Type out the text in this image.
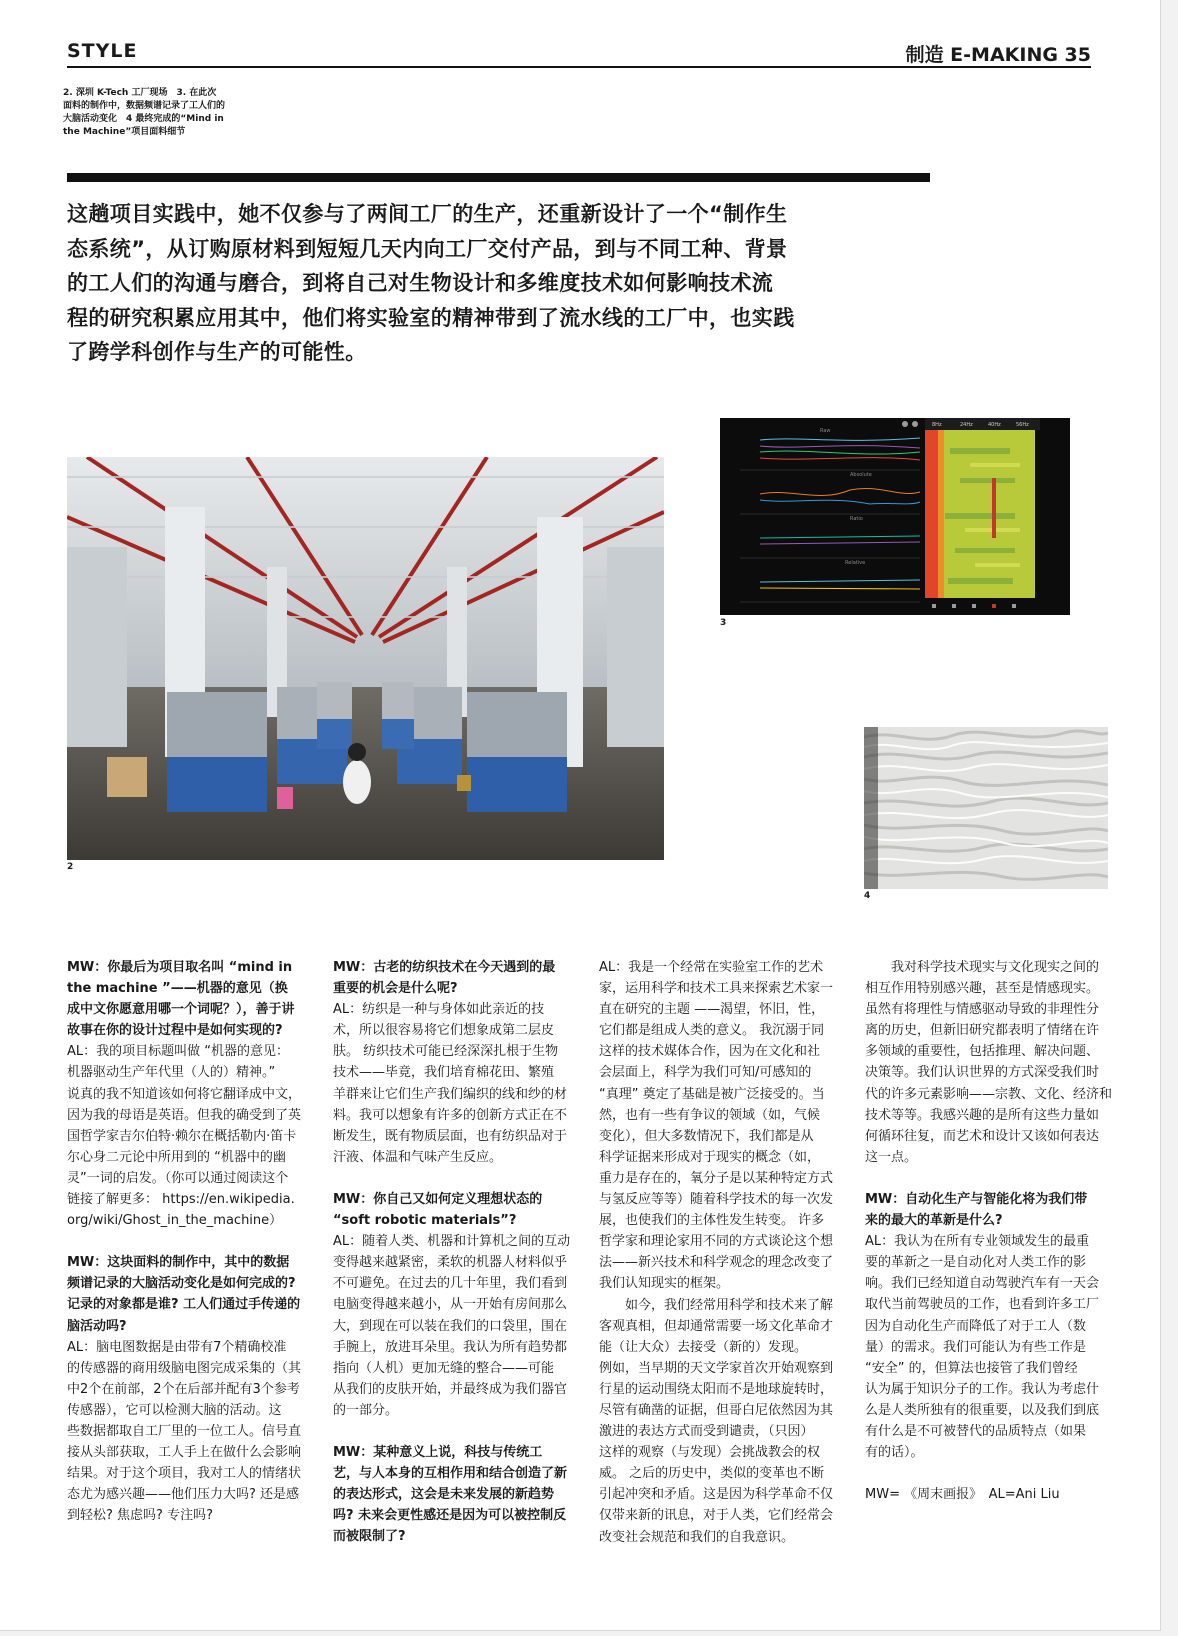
STYLE	制造 E-MAKING 35
2. 深圳 K-Tech 工厂现场　3. 在此次
面料的制作中，数据频谱记录了工人们的
大脑活动变化　4 最终完成的“Mind in
the Machine”项目面料细节
这趟项目实践中，她不仅参与了两间工厂的生产，还重新设计了一个“制作生
态系统”，从订购原材料到短短几天内向工厂交付产品，到与不同工种、背景
的工人们的沟通与磨合，到将自己对生物设计和多维度技术如何影响技术流
程的研究积累应用其中，他们将实验室的精神带到了流水线的工厂中，也实践
了跨学科创作与生产的可能性。
2
Raw
Absolute
Ratio
Relative
8Hz	24Hz	40Hz	56Hz
3
4
MW：你最后为项目取名叫 “mind in
the machine ”——机器的意见（换
成中文你愿意用哪一个词呢？），善于讲
故事在你的设计过程中是如何实现的?
AL：我的项目标题叫做 “机器的意见：
机器驱动生产年代里（人的）精神。”
说真的我不知道该如何将它翻译成中文，
因为我的母语是英语。但我的确受到了英
国哲学家吉尔伯特·赖尔在概括勒内·笛卡
尔心身二元论中所用到的 “机器中的幽
灵”一词的启发。（你可以通过阅读这个
链接了解更多： https://en.wikipedia.
org/wiki/Ghost_in_the_machine）
MW：这块面料的制作中，其中的数据
频谱记录的大脑活动变化是如何完成的?
记录的对象都是谁? 工人们通过手传递的
脑活动吗?
AL：脑电图数据是由带有7个精确校准
的传感器的商用级脑电图完成采集的（其
中2个在前部，2个在后部并配有3个参考
传感器），它可以检测大脑的活动。这
些数据都取自工厂里的一位工人。信号直
接从头部获取，工人手上在做什么会影响
结果。对于这个项目，我对工人的情绪状
态尤为感兴趣——他们压力大吗? 还是感
到轻松? 焦虑吗? 专注吗?
MW：古老的纺织技术在今天遇到的最
重要的机会是什么呢?
AL：纺织是一种与身体如此亲近的技
术，所以很容易将它们想象成第二层皮
肤。 纺织技术可能已经深深扎根于生物
技术——毕竟，我们培育棉花田、繁殖
羊群来让它们生产我们编织的线和纱的材
料。我可以想象有许多的创新方式正在不
断发生，既有物质层面，也有纺织品对于
汗液、体温和气味产生反应。
MW：你自己又如何定义理想状态的
“soft robotic materials”?
AL：随着人类、机器和计算机之间的互动
变得越来越紧密，柔软的机器人材料似乎
不可避免。在过去的几十年里，我们看到
电脑变得越来越小，从一开始有房间那么
大，到现在可以装在我们的口袋里，围在
手腕上，放进耳朵里。我认为所有趋势都
指向（人机）更加无缝的整合——可能
从我们的皮肤开始，并最终成为我们器官
的一部分。
MW：某种意义上说，科技与传统工
艺，与人本身的互相作用和结合创造了新
的表达形式，这会是未来发展的新趋势
吗? 未来会更性感还是因为可以被控制反
而被限制了?
AL：我是一个经常在实验室工作的艺术
家，运用科学和技术工具来探索艺术家一
直在研究的主题 ——渴望，怀旧，性，
它们都是组成人类的意义。 我沉溺于同
这样的技术媒体合作，因为在文化和社
会层面上，科学为我们可知/可感知的
“真理” 奠定了基础是被广泛接受的。当
然，也有一些有争议的领域（如，气候
变化），但大多数情况下，我们都是从
科学证据来形成对于现实的概念（如，
重力是存在的，氧分子是以某种特定方式
与氢反应等等）随着科学技术的每一次发
展，也使我们的主体性发生转变。 许多
哲学家和理论家用不同的方式谈论这个想
法——新兴技术和科学观念的理念改变了
我们认知现实的框架。
　　如今，我们经常用科学和技术来了解
客观真相，但却通常需要一场文化革命才
能（让大众）去接受（新的）发现。
例如，当早期的天文学家首次开始观察到
行星的运动围绕太阳而不是地球旋转时，
尽管有确凿的证据，但哥白尼依然因为其
激进的表达方式而受到谴责，（只因）
这样的观察（与发现）会挑战教会的权
威。 之后的历史中，类似的变革也不断
引起冲突和矛盾。这是因为科学革命不仅
仅带来新的讯息，对于人类，它们经常会
改变社会规范和我们的自我意识。
　　我对科学技术现实与文化现实之间的
相互作用特别感兴趣，甚至是情感现实。
虽然有将理性与情感驱动导致的非理性分
离的历史，但新旧研究都表明了情绪在许
多领域的重要性，包括推理、解决问题、
决策等。我们认识世界的方式深受我们时
代的许多元素影响——宗教、文化、经济和
技术等等。我感兴趣的是所有这些力量如
何循环往复，而艺术和设计又该如何表达
这一点。
MW：自动化生产与智能化将为我们带
来的最大的革新是什么?
AL：我认为在所有专业领域发生的最重
要的革新之一是自动化对人类工作的影
响。我们已经知道自动驾驶汽车有一天会
取代当前驾驶员的工作，也看到许多工厂
因为自动化生产而降低了对于工人（数
量）的需求。我们可能认为有些工作是
“安全” 的，但算法也接管了我们曾经
认为属于知识分子的工作。我认为考虑什
么是人类所独有的很重要，以及我们到底
有什么是不可被替代的品质特点（如果
有的话）。
MW= 《周末画报》　AL=Ani Liu
